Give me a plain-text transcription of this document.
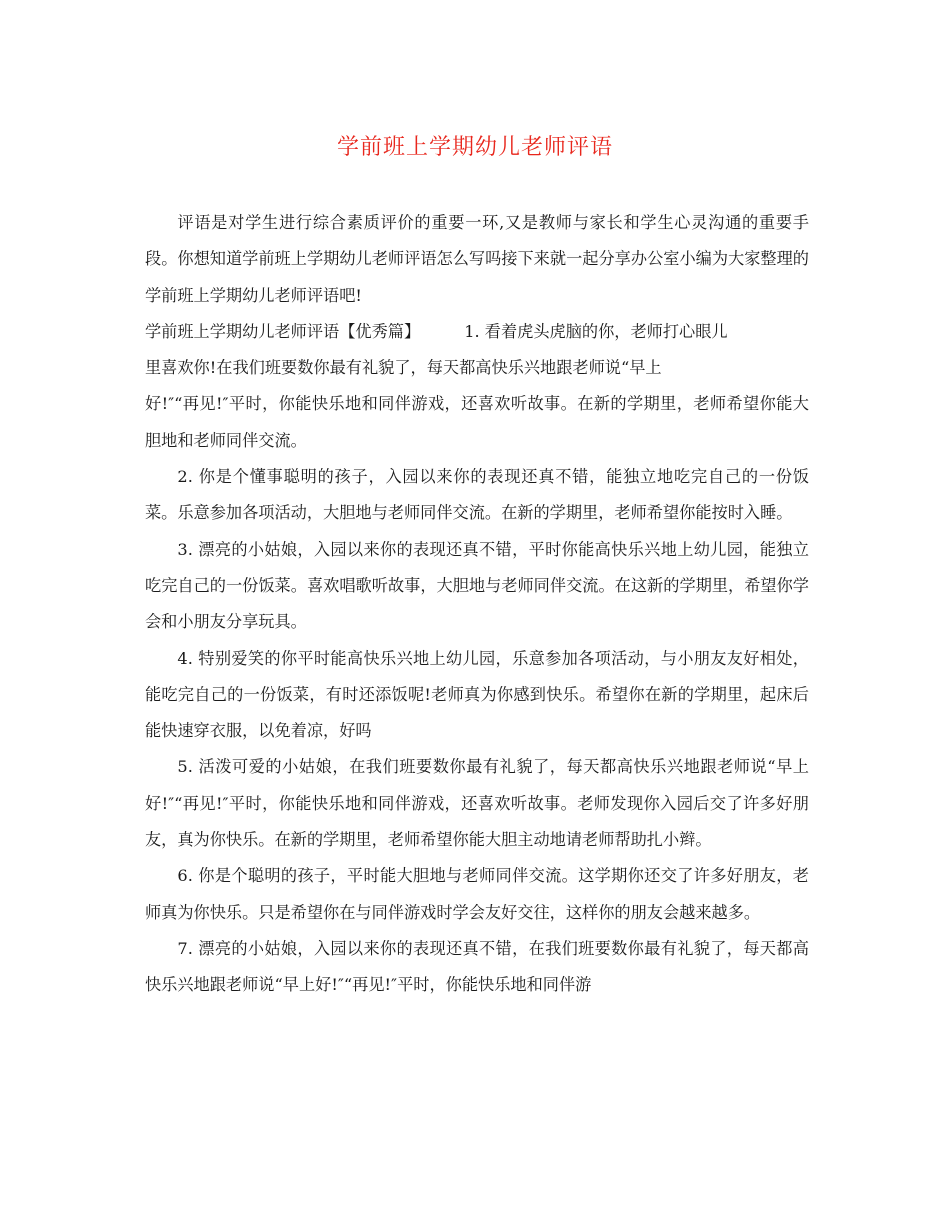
学前班上学期幼儿老师评语

评语是对学生进行综合素质评价的重要一环,又是教师与家长和学生心灵沟通的重要手段。你想知道学前班上学期幼儿老师评语怎么写吗接下来就一起分享办公室小编为大家整理的学前班上学期幼儿老师评语吧!

学前班上学期幼儿老师评语【优秀篇】	1. 看着虎头虎脑的你，老师打心眼儿

里喜欢你!在我们班要数你最有礼貌了，每天都高快乐兴地跟老师说“早上

好!″“再见!″平时，你能快乐地和同伴游戏，还喜欢听故事。在新的学期里，老师希望你能大胆地和老师同伴交流。

2. 你是个懂事聪明的孩子，入园以来你的表现还真不错，能独立地吃完自己的一份饭菜。乐意参加各项活动，大胆地与老师同伴交流。在新的学期里，老师希望你能按时入睡。

3. 漂亮的小姑娘，入园以来你的表现还真不错，平时你能高快乐兴地上幼儿园，能独立吃完自己的一份饭菜。喜欢唱歌听故事，大胆地与老师同伴交流。在这新的学期里，希望你学会和小朋友分享玩具。

4. 特别爱笑的你平时能高快乐兴地上幼儿园，乐意参加各项活动，与小朋友友好相处，能吃完自己的一份饭菜，有时还添饭呢!老师真为你感到快乐。希望你在新的学期里，起床后能快速穿衣服，以免着凉，好吗

5. 活泼可爱的小姑娘，在我们班要数你最有礼貌了，每天都高快乐兴地跟老师说“早上好!″“再见!″平时，你能快乐地和同伴游戏，还喜欢听故事。老师发现你入园后交了许多好朋友，真为你快乐。在新的学期里，老师希望你能大胆主动地请老师帮助扎小辫。

6. 你是个聪明的孩子，平时能大胆地与老师同伴交流。这学期你还交了许多好朋友，老师真为你快乐。只是希望你在与同伴游戏时学会友好交往，这样你的朋友会越来越多。

7. 漂亮的小姑娘，入园以来你的表现还真不错，在我们班要数你最有礼貌了，每天都高快乐兴地跟老师说“早上好!″“再见!″平时，你能快乐地和同伴游
